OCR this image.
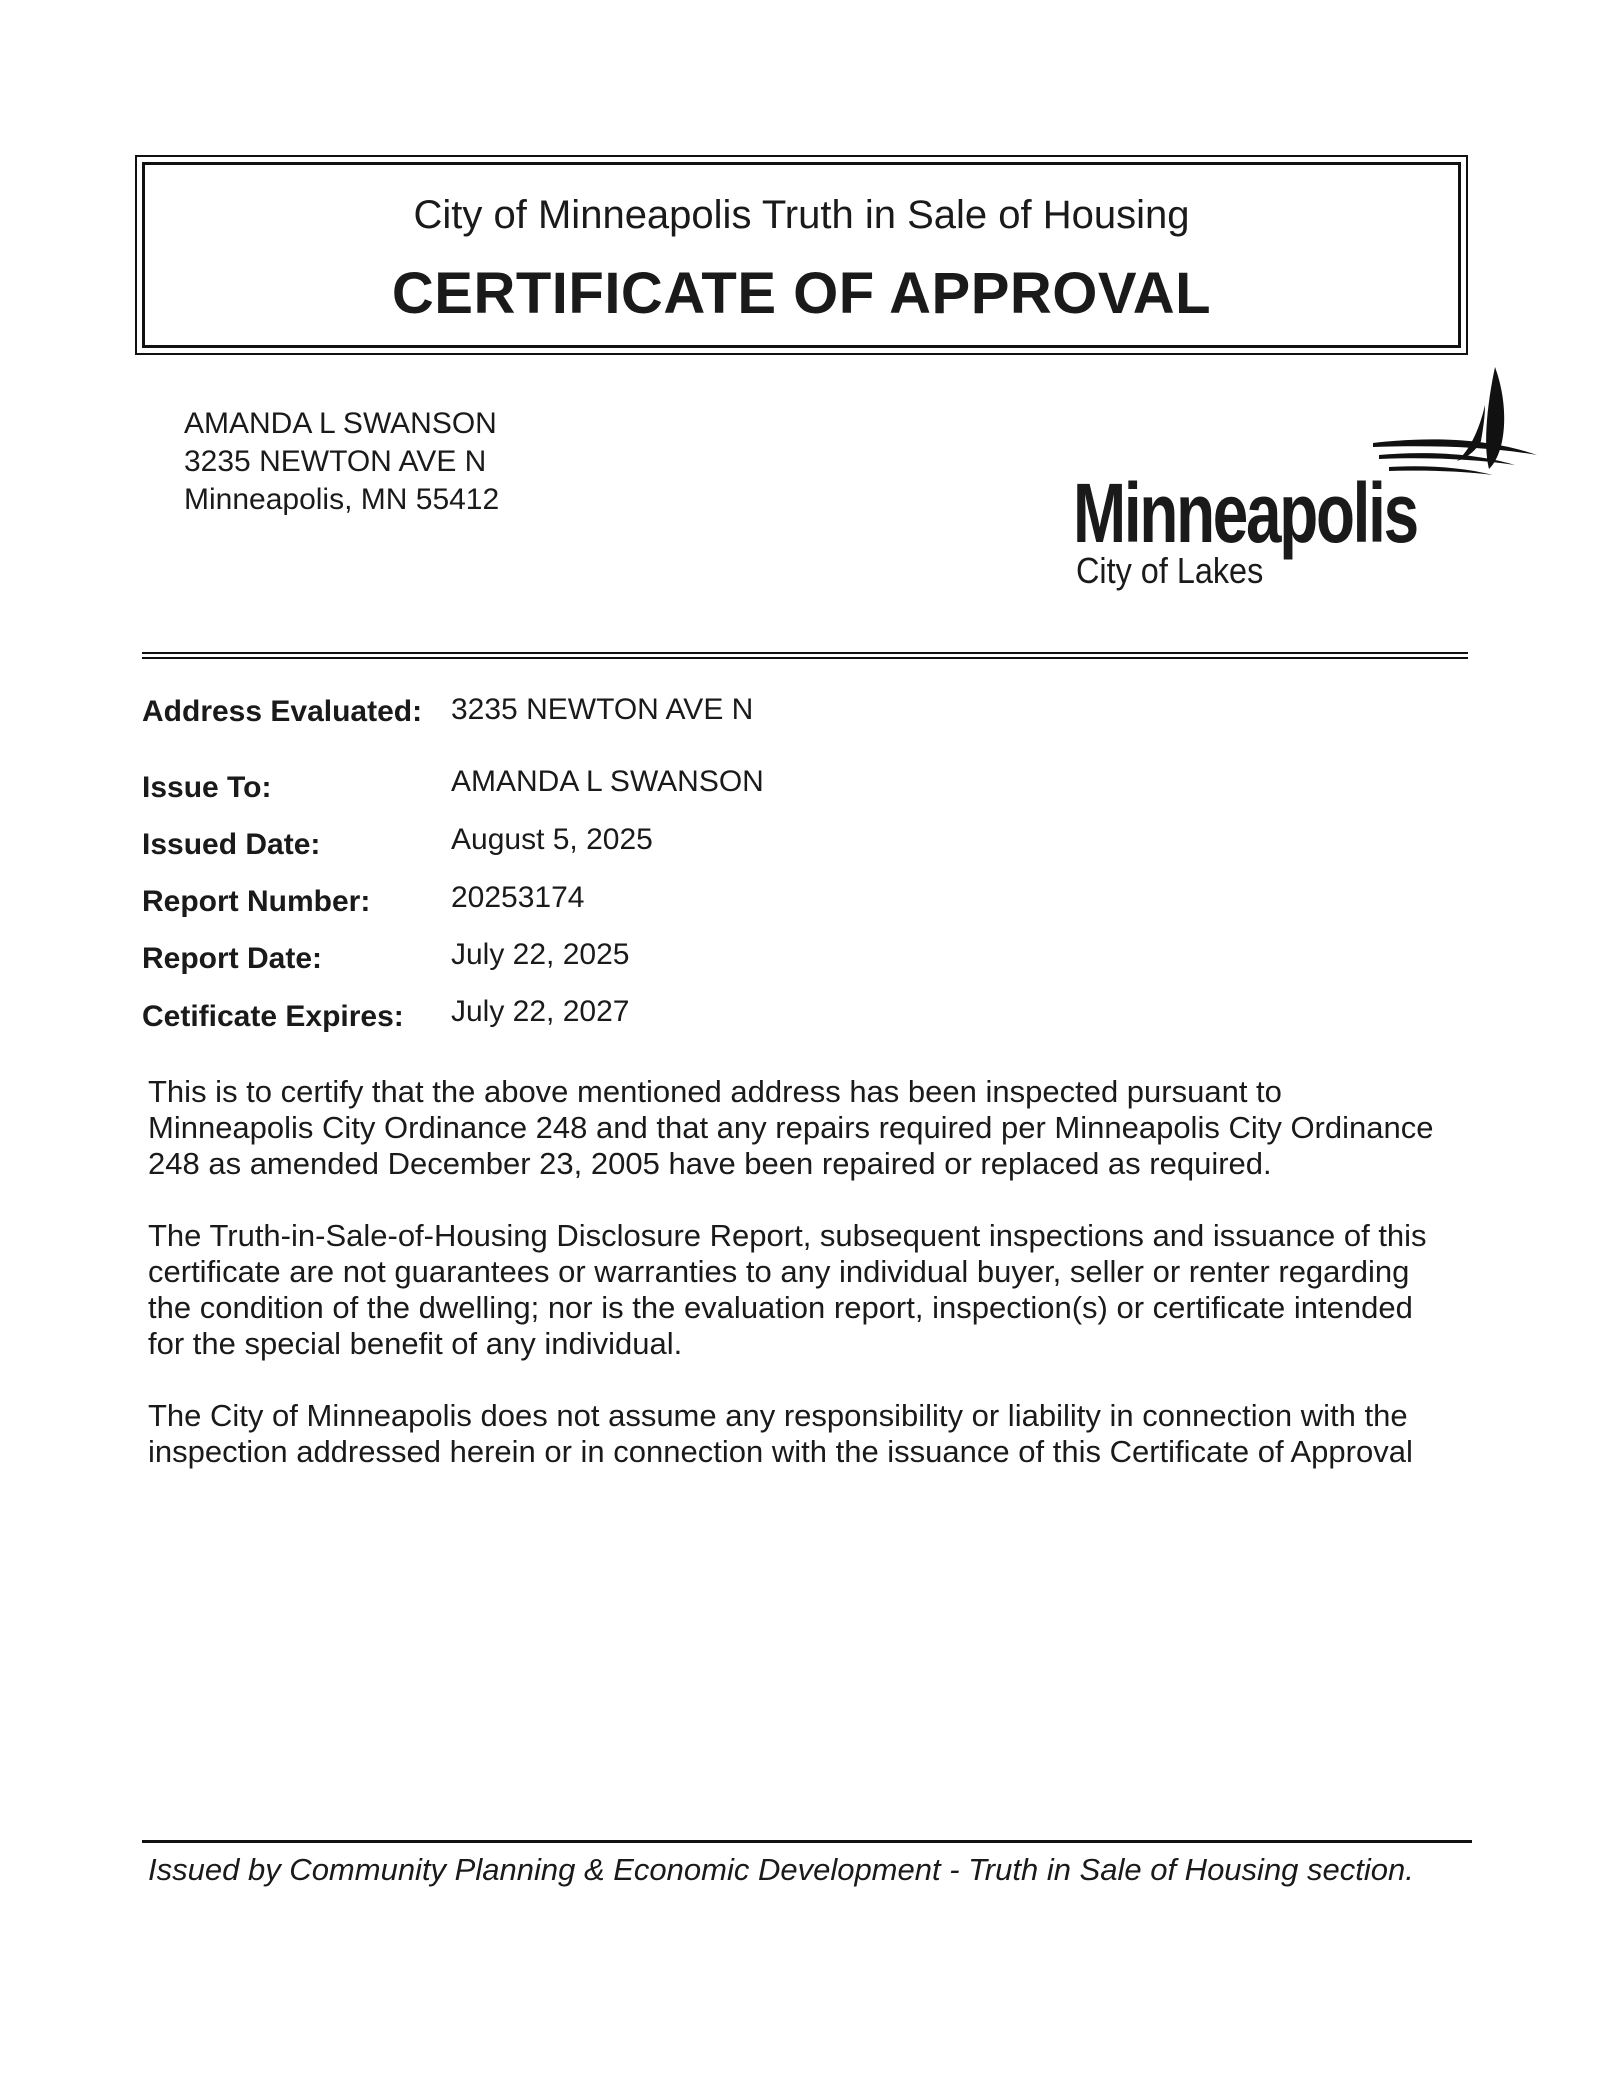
City of Minneapolis Truth in Sale of Housing
CERTIFICATE OF APPROVAL
AMANDA L SWANSON
3235 NEWTON AVE N
Minneapolis, MN 55412	Minneapolis
City of Lakes
Address Evaluated: 3235 NEWTON AVE N
Issue To:	AMANDA L SWANSON
Issued Date:	August 5, 2025
Report Number:	20253174
Report Date:	July 22, 2025
Cetificate Expires: July 22, 2027
This is to certify that the above mentioned address has been inspected pursuant to
Minneapolis City Ordinance 248 and that any repairs required per Minneapolis City Ordinance
248 as amended December 23, 2005 have been repaired or replaced as required.
The Truth-in-Sale-of-Housing Disclosure Report, subsequent inspections and issuance of this
certificate are not guarantees or warranties to any individual buyer, seller or renter regarding
the condition of the dwelling; nor is the evaluation report, inspection(s) or certificate intended
for the special benefit of any individual.
The City of Minneapolis does not assume any responsibility or liability in connection with the
inspection addressed herein or in connection with the issuance of this Certificate of Approval
Issued by Community Planning & Economic Development - Truth in Sale of Housing section.
